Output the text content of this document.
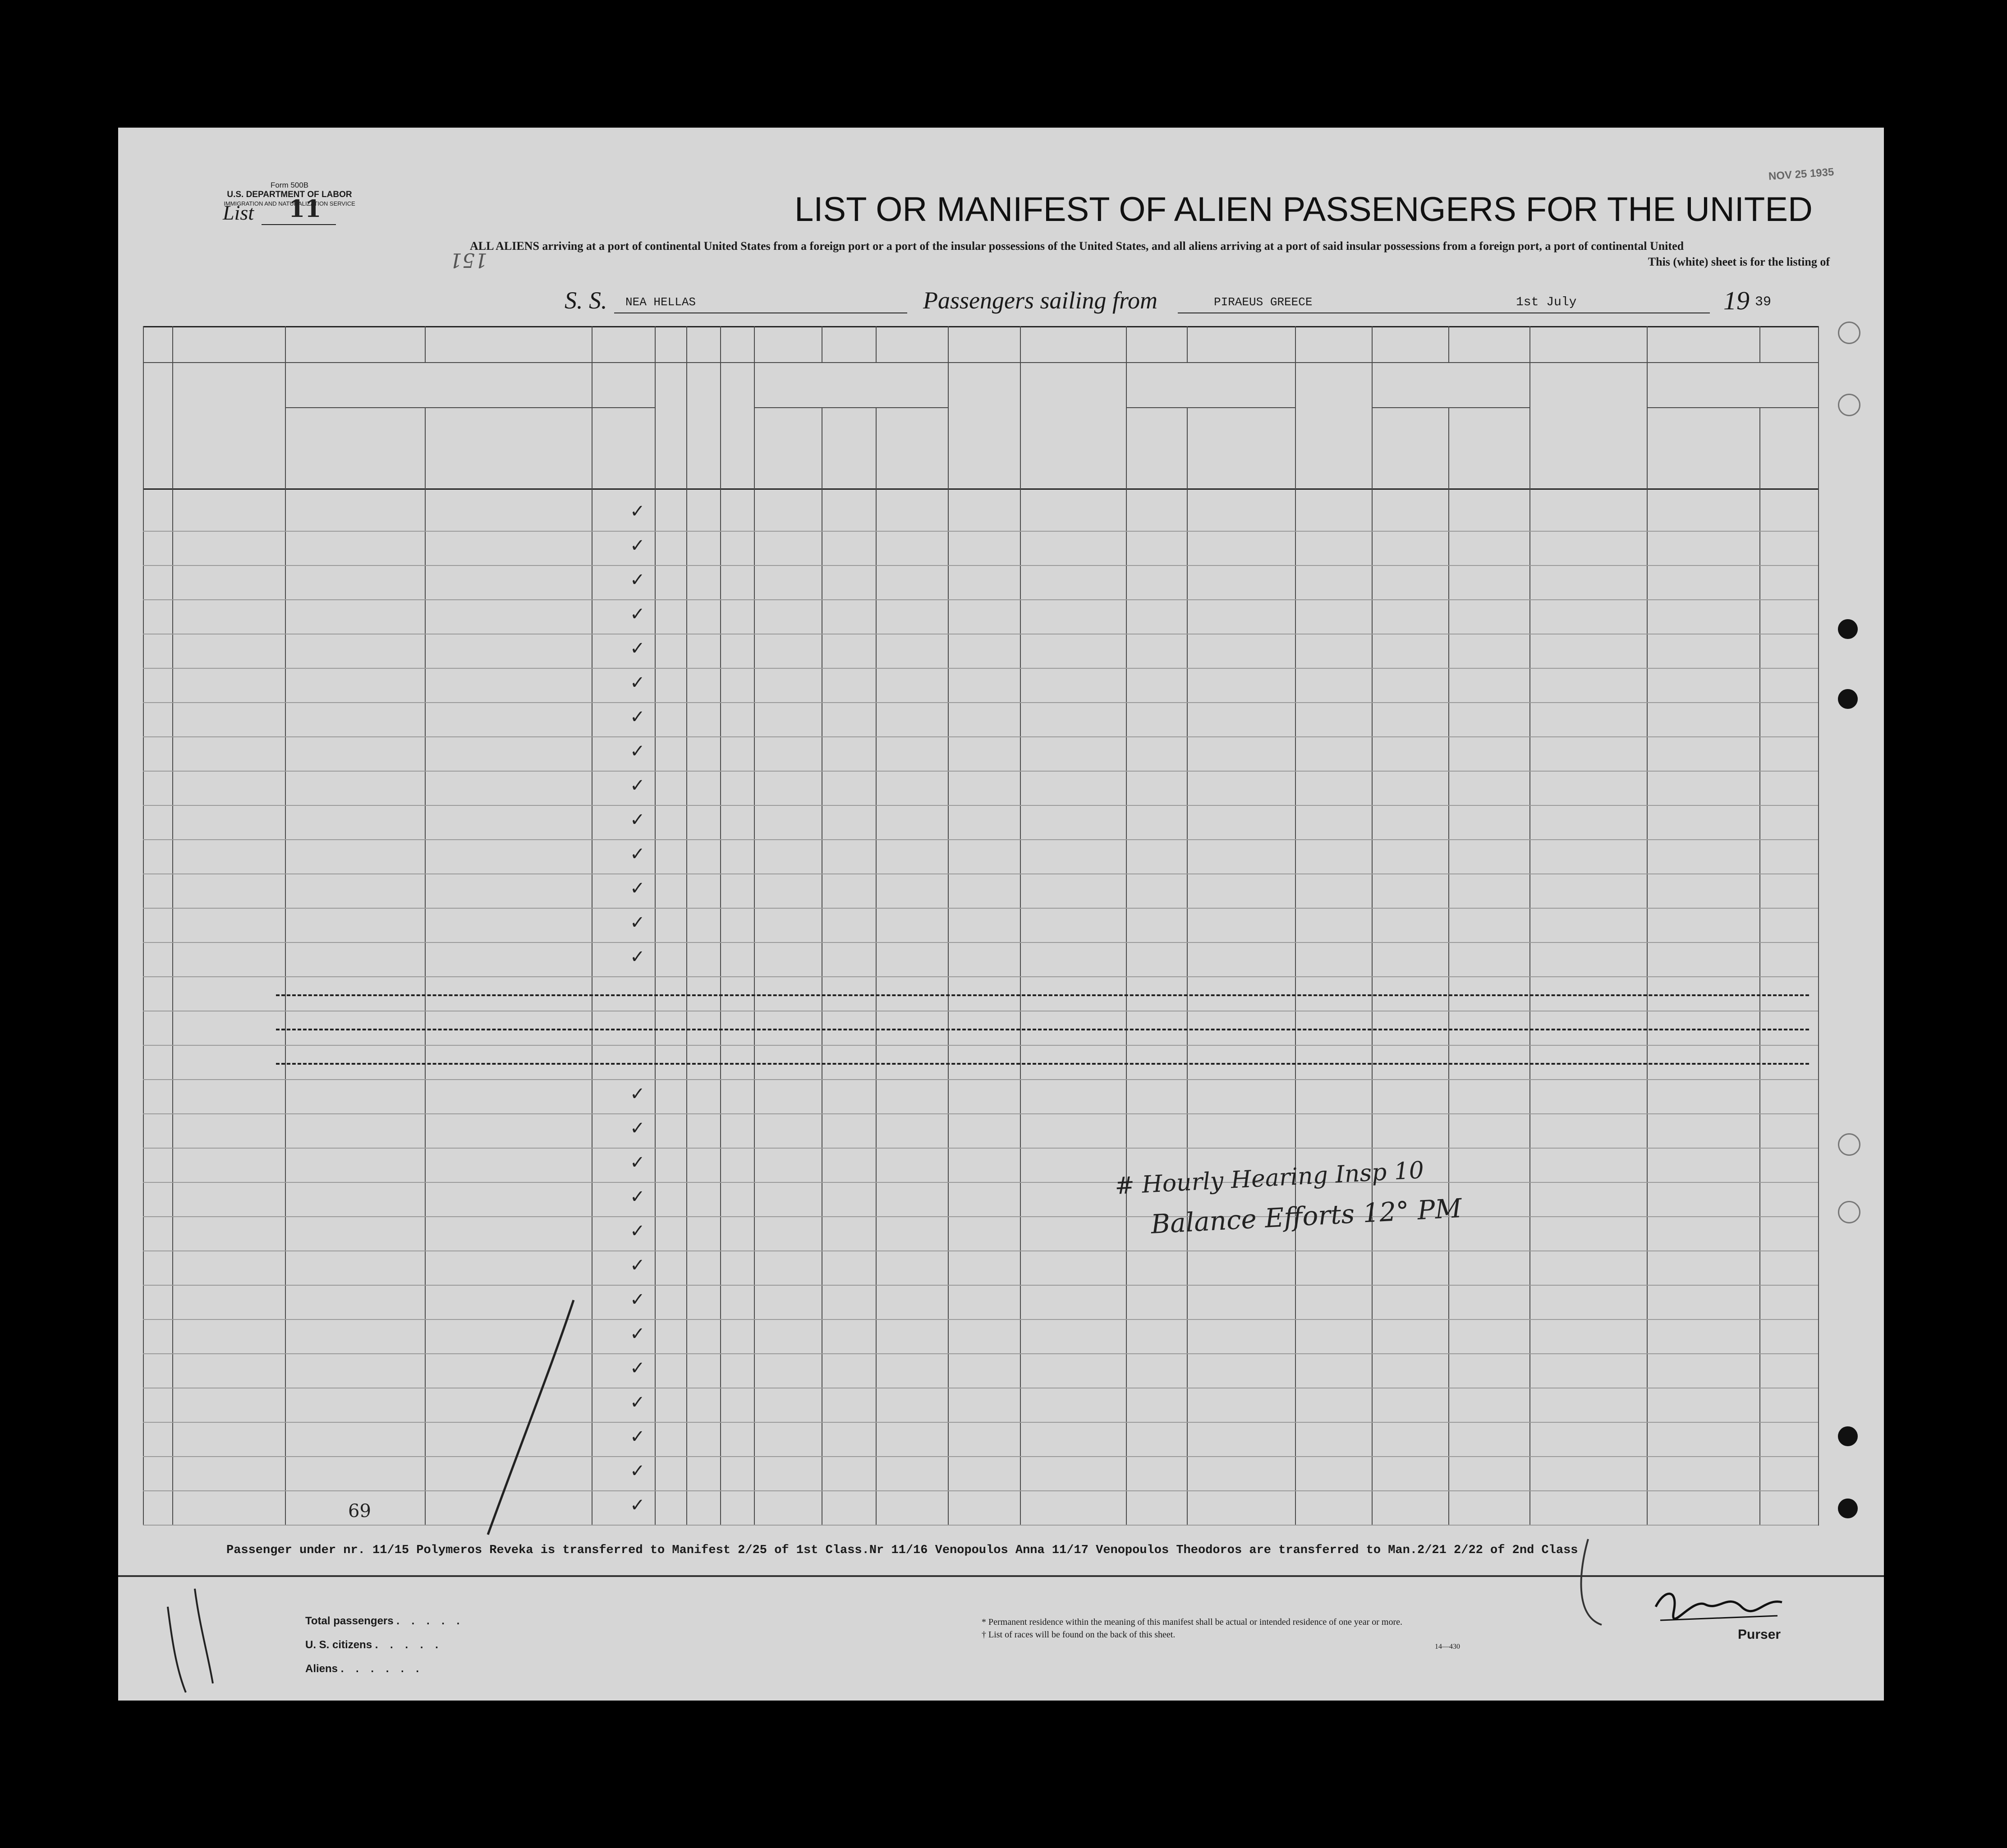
Form 500B
U.S. DEPARTMENT OF LABOR
IMMIGRATION AND NATURALIZATION SERVICE
List 11
151
NOV 25 1935
LIST OR MANIFEST OF ALIEN PASSENGERS FOR THE UNITED
ALL ALIENS arriving at a port of continental United States from a foreign port or a port of the insular possessions of the United States, and all aliens arriving at a port of said insular possessions from a foreign port, a port of continental United
This (white) sheet is for the listing of
S. S. NEA HELLAS	Passengers sailing from	PIRAEUS GREECE	1st July	19 39
✓
✓
✓
✓
✓
✓
✓
✓
✓
✓
✓
✓
✓
✓
✓
✓
✓
✓
✓
✓
✓
✓
✓
✓
✓
✓
✓
# Hourly Hearing Insp 10
Balance Efforts 12° PM
69
Passenger under nr. 11/15 Polymeros Reveka is transferred to Manifest 2/25 of 1st Class.Nr 11/16 Venopoulos Anna 11/17 Venopoulos Theodoros are transferred to Man.2/21 2/22 of 2nd Class
Total passengers . . . . .
U. S. citizens . . . . .
Aliens . . . . . .
* Permanent residence within the meaning of this manifest shall be actual or intended residence of one year or more.
† List of races will be found on the back of this sheet.
14—430
Purser
